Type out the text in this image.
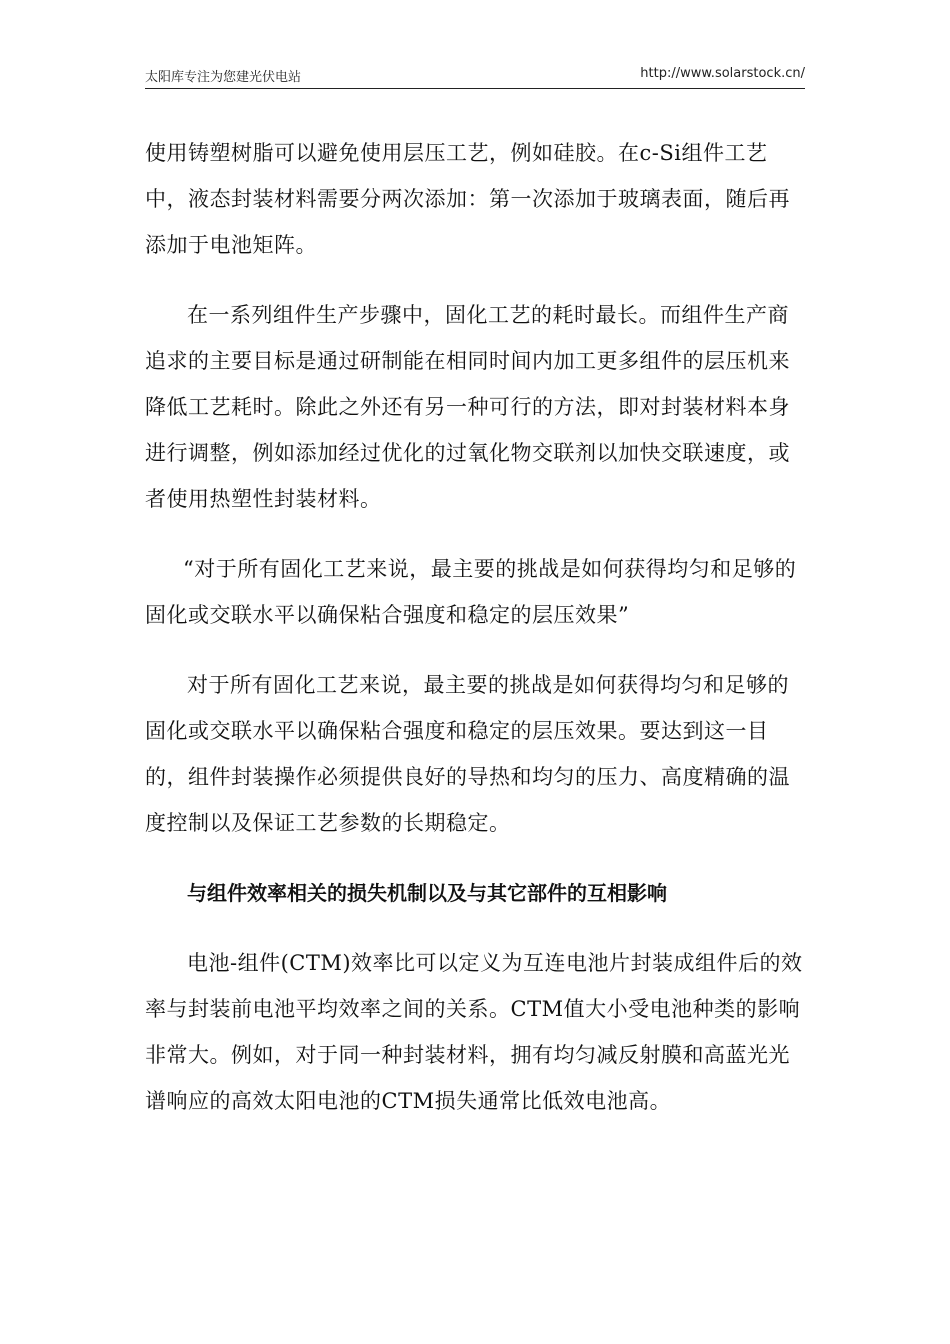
太阳库专注为您建光伏电站	http://www.solarstock.cn/

使用铸塑树脂可以避免使用层压工艺，例如硅胶。在c-Si组件工艺中，液态封装材料需要分两次添加：第一次添加于玻璃表面，随后再添加于电池矩阵。

在一系列组件生产步骤中，固化工艺的耗时最长。而组件生产商追求的主要目标是通过研制能在相同时间内加工更多组件的层压机来降低工艺耗时。除此之外还有另一种可行的方法，即对封装材料本身进行调整，例如添加经过优化的过氧化物交联剂以加快交联速度，或者使用热塑性封装材料。

“对于所有固化工艺来说，最主要的挑战是如何获得均匀和足够的固化或交联水平以确保粘合强度和稳定的层压效果”

对于所有固化工艺来说，最主要的挑战是如何获得均匀和足够的固化或交联水平以确保粘合强度和稳定的层压效果。要达到这一目的，组件封装操作必须提供良好的导热和均匀的压力、高度精确的温度控制以及保证工艺参数的长期稳定。

与组件效率相关的损失机制以及与其它部件的互相影响

电池-组件(CTM)效率比可以定义为互连电池片封装成组件后的效率与封装前电池平均效率之间的关系。CTM值大小受电池种类的影响非常大。例如，对于同一种封装材料，拥有均匀减反射膜和高蓝光光谱响应的高效太阳电池的CTM损失通常比低效电池高。
